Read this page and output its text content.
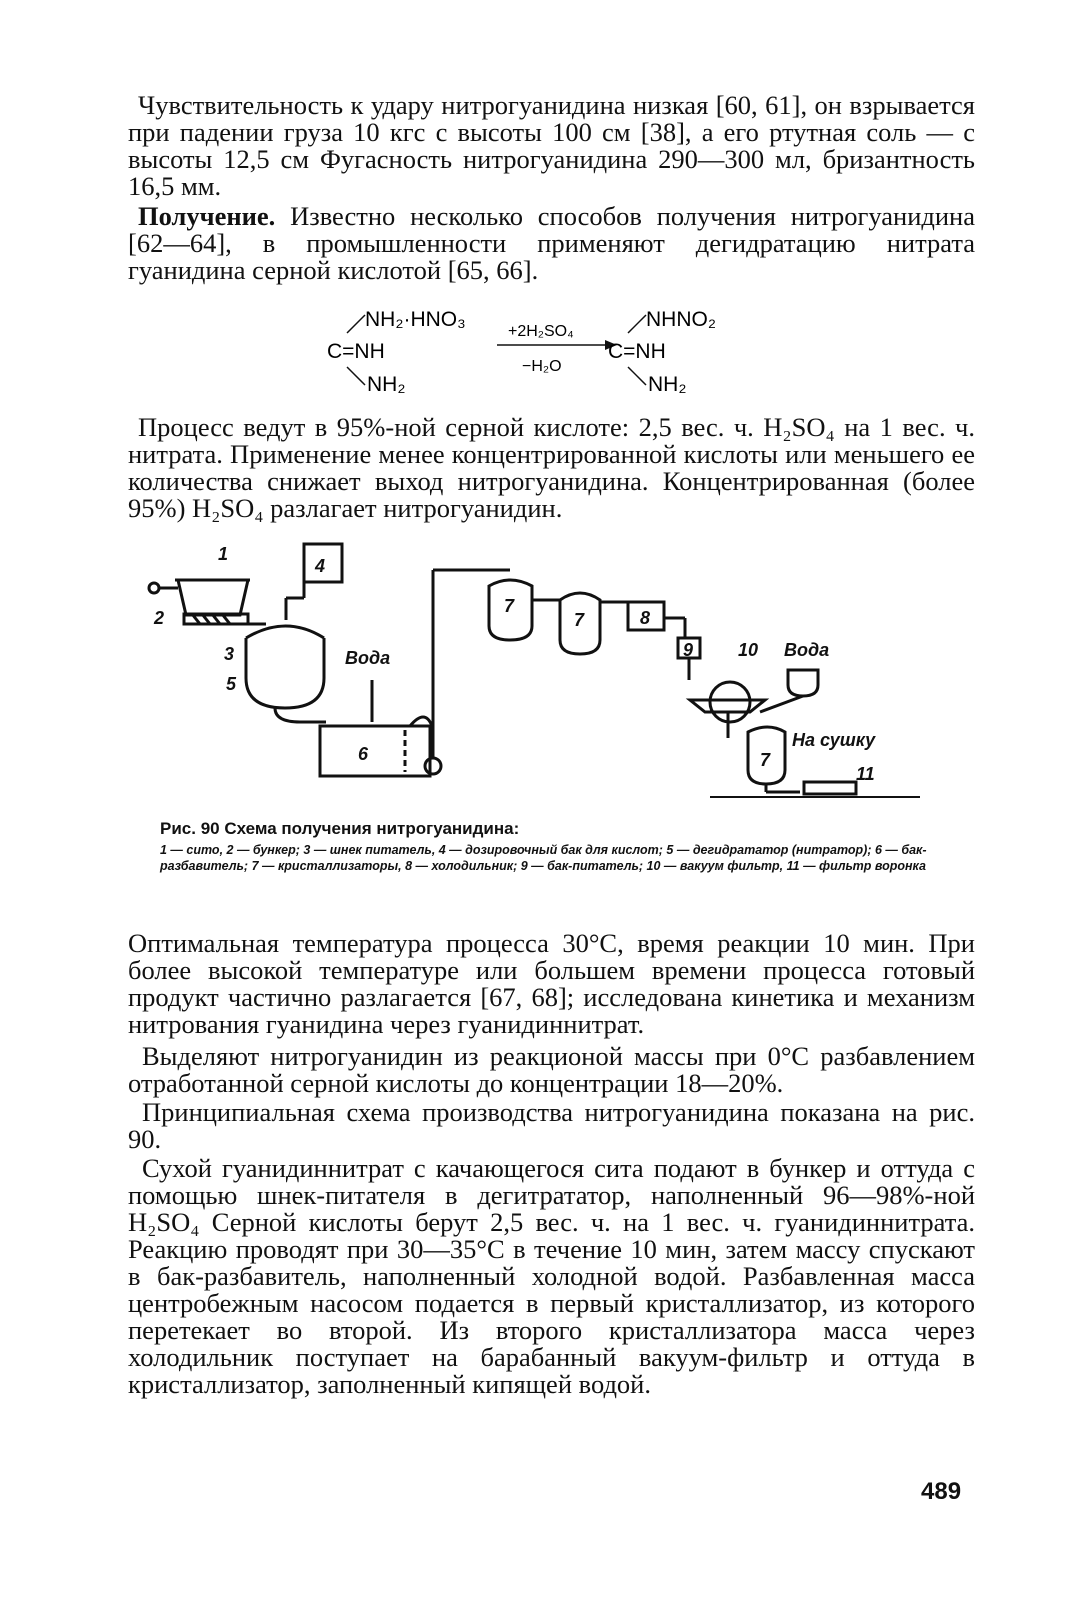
Чувствительность к удару нитрогуанидина низкая [60, 61], он взрывается при падении груза 10 кгс с высоты 100 см [38], а его ртутная соль — с высоты 12,5 см Фугасность нитрогуанидина 290—300 мл, бризантность 16,5 мм.
Получение. Известно несколько способов получения нитрогуанидина [62—64], в промышленности применяют дегидратацию нитрата гуанидина серной кислотой [65, 66].
NH₂·HNO₃
C=NH
NH₂
+2H₂SO₄
−H₂O
NHNO₂
C=NH
NH₂
Процесс ведут в 95%-ной серной кислоте: 2,5 вес. ч. H₂SO₄ на 1 вес. ч. нитрата. Применение менее концентрированной кислоты или меньшего ее количества снижает выход нитрогуанидина. Концентрированная (более 95%) H₂SO₄ разлагает нитрогуанидин.
1
2
3
4
5
6
7
7	8
9 10
7
11
Вода	Вода
На сушку
Рис. 90 Схема получения нитрогуанидина:
1 — сито, 2 — бункер; 3 — шнек питатель, 4 — дозировочный бак для кислот; 5 — дегидрататор (нитратор); 6 — бак-разбавитель; 7 — кристаллизаторы, 8 — холодильник; 9 — бак-питатель; 10 — вакуум фильтр, 11 — фильтр воронка
Оптимальная температура процесса 30°С, время реакции 10 мин. При более высокой температуре или большем времени процесса готовый продукт частично разлагается [67, 68]; исследована кинетика и механизм нитрования гуанидина через гуанидиннитрат.
Выделяют нитрогуанидин из реакционой массы при 0°С разбавлением отработанной серной кислоты до концентрации 18—20%.
Принципиальная схема производства нитрогуанидина показана на рис. 90.
Сухой гуанидиннитрат с качающегося сита подают в бункер и оттуда с помощью шнек-питателя в дегитрататор, наполненный 96—98%-ной H₂SO₄ Серной кислоты берут 2,5 вес. ч. на 1 вес. ч. гуанидиннитрата. Реакцию проводят при 30—35°С в течение 10 мин, затем массу спускают в бак-разбавитель, наполненный холодной водой. Разбавленная масса центробежным насосом подается в первый кристаллизатор, из которого перетекает во второй. Из второго кристаллизатора масса через холодильник поступает на барабанный вакуум-фильтр и оттуда в кристаллизатор, заполненный кипящей водой.
489
